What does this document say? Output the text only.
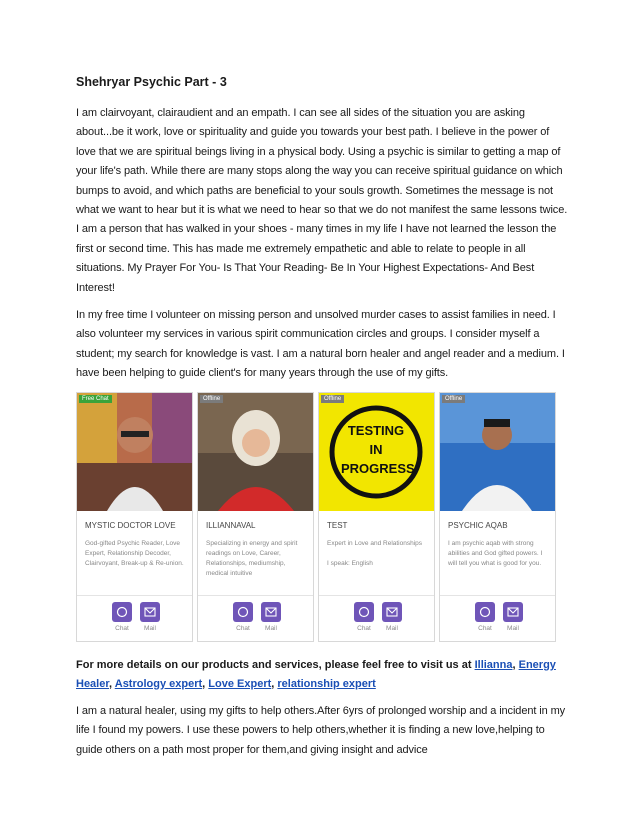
Shehryar Psychic Part - 3

I am clairvoyant, clairaudient and an empath. I can see all sides of the situation you are asking about...be it work, love or spirituality and guide you towards your best path. I believe in the power of love that we are spiritual beings living in a physical body. Using a psychic is similar to getting a map of your life's path. While there are many stops along the way you can receive spiritual guidance on which bumps to avoid, and which paths are beneficial to your souls growth. Sometimes the message is not what we want to hear but it is what we need to hear so that we do not manifest the same lessons twice. I am a person that has walked in your shoes - many times in my life I have not learned the lesson the first or second time. This has made me extremely empathetic and able to relate to people in all situations. My Prayer For You- Is That Your Reading- Be In Your Highest Expectations- And Best Interest!

In my free time I volunteer on missing person and unsolved murder cases to assist families in need. I also volunteer my services in various spirit communication circles and groups. I consider myself a student; my search for knowledge is vast. I am a natural born healer and angel reader and a medium. I have been helping to guide client's for many years through the use of my gifts.

Free Chat
MYSTIC DOCTOR LOVE
God-gifted Psychic Reader, Love Expert, Relationship Decoder, Clairvoyant, Break-up & Re-union.
Chat	Mail
Offline
ILLIANNAVAL
Specializing in energy and spirit readings on Love, Career, Relationships, mediumship, medical intuitive
Chat	Mail
TESTING IN PROGRESS
Offline
TEST
Expert in Love and Relationships

I speak: English
Chat	Mail
Offline
PSYCHIC AQAB
I am psychic aqab with strong abilities and God gifted powers. I will tell you what is good for you.
Chat	Mail
For more details on our products and services, please feel free to visit us at Illianna, Energy Healer, Astrology expert, Love Expert, relationship expert

I am a natural healer, using my gifts to help others.After 6yrs of prolonged worship and a incident in my life I found my powers. I use these powers to help others,whether it is finding a new love,helping to guide others on a path most proper for them,and giving insight and advice
